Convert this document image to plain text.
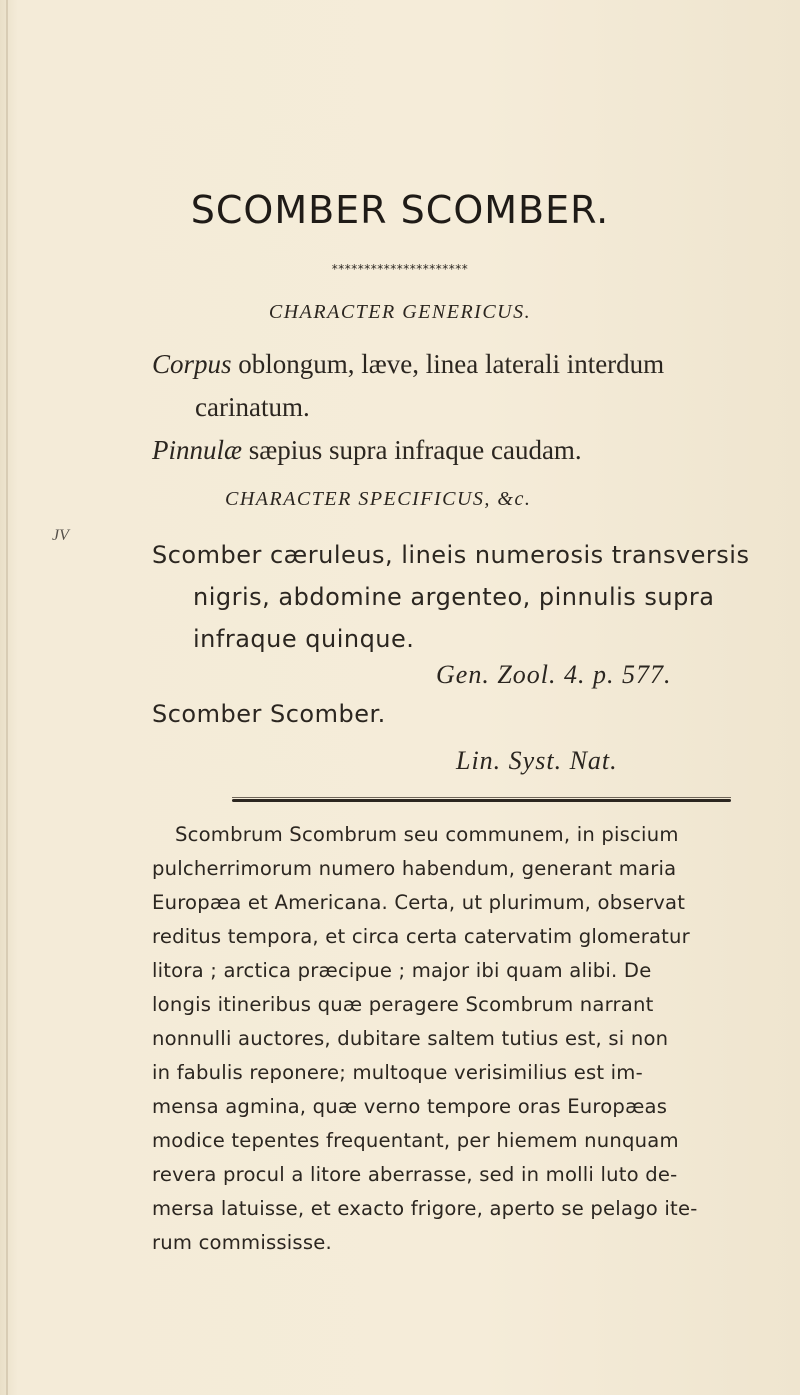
SCOMBER SCOMBER.
*********************
CHARACTER GENERICUS.
Corpus oblongum, læve, linea laterali interdum
carinatum.
Pinnulæ sæpius supra infraque caudam.
CHARACTER SPECIFICUS, &c.
JV
Scomber cæruleus, lineis numerosis transversis
nigris, abdomine argenteo, pinnulis supra
infraque quinque.
Gen. Zool. 4. p. 577.
Scomber Scomber.
Lin. Syst. Nat.
Scombrum Scombrum seu communem, in piscium
pulcherrimorum numero habendum, generant maria
Europæa et Americana. Certa, ut plurimum, observat
reditus tempora, et circa certa catervatim glomeratur
litora ; arctica præcipue ; major ibi quam alibi. De
longis itineribus quæ peragere Scombrum narrant
nonnulli auctores, dubitare saltem tutius est, si non
in fabulis reponere; multoque verisimilius est im-
mensa agmina, quæ verno tempore oras Europæas
modice tepentes frequentant, per hiemem nunquam
revera procul a litore aberrasse, sed in molli luto de-
mersa latuisse, et exacto frigore, aperto se pelago ite-
rum commississe.
